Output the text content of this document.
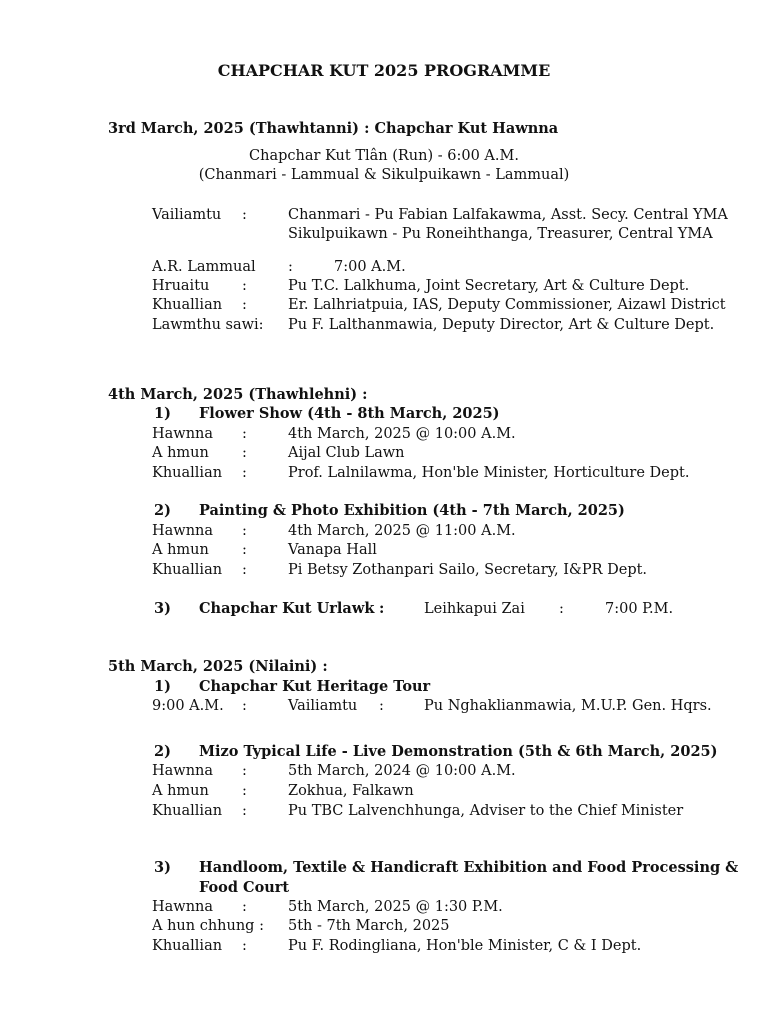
CHAPCHAR KUT 2025 PROGRAMME
3rd March, 2025 (Thawhtanni) : Chapchar Kut Hawnna
Chapchar Kut Tlân (Run) - 6:00 A.M.
(Chanmari - Lammual & Sikulpuikawn - Lammual)
Vailiamtu :	Chanmari - Pu Fabian Lalfakawma, Asst. Secy. Central YMA
Sikulpuikawn - Pu Roneihthanga, Treasurer, Central YMA
A.R. Lammual :	7:00 A.M.
Hruaitu :	Pu T.C. Lalkhuma, Joint Secretary, Art & Culture Dept.
Khuallian :	Er. Lalhriatpuia, IAS, Deputy Commissioner, Aizawl District
Lawmthu sawi: Pu F. Lalthanmawia, Deputy Director, Art & Culture Dept.
4th March, 2025 (Thawhlehni) :
1) Flower Show (4th - 8th March, 2025)
Hawnna :	4th March, 2025 @ 10:00 A.M.
A hmun :	Aijal Club Lawn
Khuallian :	Prof. Lalnilawma, Hon'ble Minister, Horticulture Dept.
2) Painting & Photo Exhibition (4th - 7th March, 2025)
Hawnna :	4th March, 2025 @ 11:00 A.M.
A hmun :	Vanapa Hall
Khuallian :	Pi Betsy Zothanpari Sailo, Secretary, I&PR Dept.
3) Chapchar Kut Urlawk :	Leihkapui Zai :	7:00 P.M.
5th March, 2025 (Nilaini) :
1) Chapchar Kut Heritage Tour
9:00 A.M. :	Vailiamtu :	Pu Nghaklianmawia, M.U.P. Gen. Hqrs.
2) Mizo Typical Life - Live Demonstration (5th & 6th March, 2025)
Hawnna :	5th March, 2024 @ 10:00 A.M.
A hmun :	Zokhua, Falkawn
Khuallian :	Pu TBC Lalvenchhunga, Adviser to the Chief Minister
3) Handloom, Textile & Handicraft Exhibition and Food Processing &
Food Court
Hawnna :	5th March, 2025 @ 1:30 P.M.
A hun chhung : 5th - 7th March, 2025
Khuallian :	Pu F. Rodingliana, Hon'ble Minister, C & I Dept.
